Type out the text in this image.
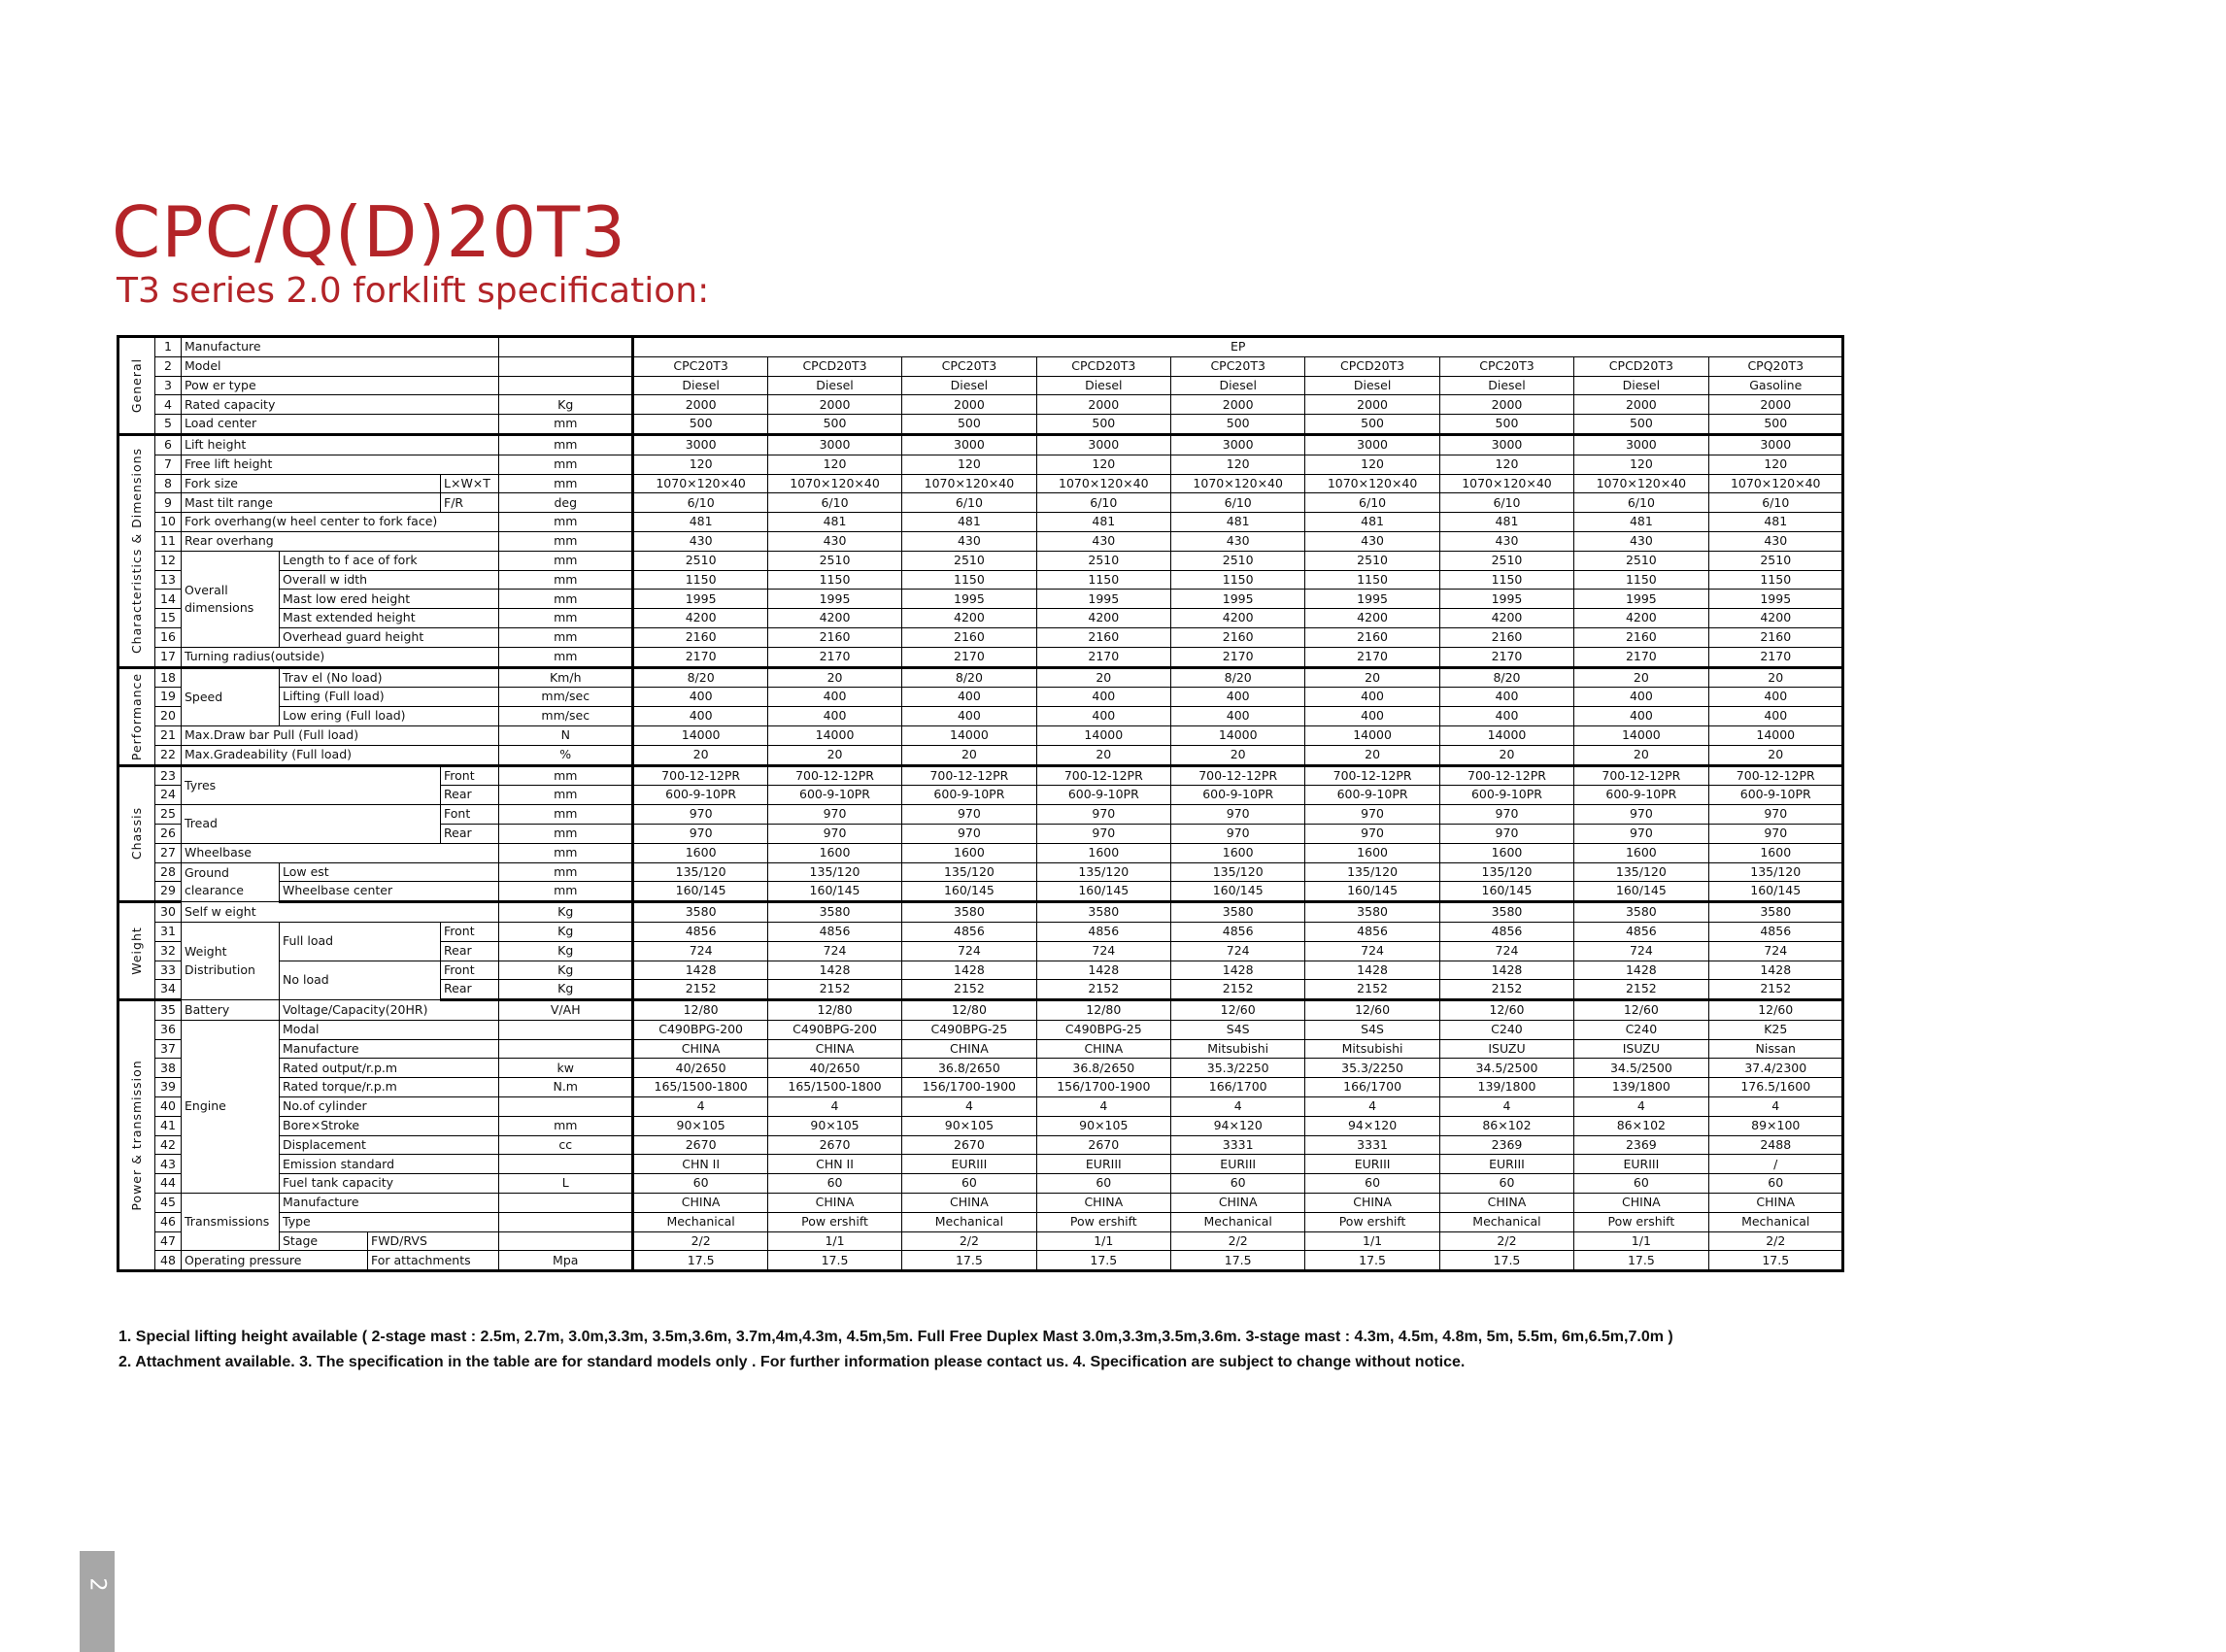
CPC/Q(D)20T3
T3 series 2.0 forklift specification:
General	1	Manufacture					EP									
	2	Model					CPC20T3	CPCD20T3	CPC20T3	CPCD20T3	CPC20T3	CPCD20T3	CPC20T3	CPCD20T3	CPQ20T3	
	3	Pow er type					Diesel	Diesel	Diesel	Diesel	Diesel	Diesel	Diesel	Diesel	Gasoline	
	4	Rated capacity				Kg	2000	2000	2000	2000	2000	2000	2000	2000	2000	
	5	Load center				mm	500	500	500	500	500	500	500	500	500	

Characteristics & Dimensions	6	Lift height				mm	3000	3000	3000	3000	3000	3000	3000	3000	3000	
	7	Free lift height				mm	120	120	120	120	120	120	120	120	120	
	8	Fork size			L×W×T	mm	1070×120×40	1070×120×40	1070×120×40	1070×120×40	1070×120×40	1070×120×40	1070×120×40	1070×120×40	1070×120×40	
	9	Mast tilt range			F/R	deg	6/10	6/10	6/10	6/10	6/10	6/10	6/10	6/10	6/10	
	10	Fork overhang(w heel center to fork face)				mm	481	481	481	481	481	481	481	481	481	
	11	Rear overhang				mm	430	430	430	430	430	430	430	430	430	
	12	Overall dimensions	Length to f ace of fork			mm	2510	2510	2510	2510	2510	2510	2510	2510	2510	
	13		Overall w idth			mm	1150	1150	1150	1150	1150	1150	1150	1150	1150	
	14		Mast low ered height			mm	1995	1995	1995	1995	1995	1995	1995	1995	1995	
	15		Mast extended height			mm	4200	4200	4200	4200	4200	4200	4200	4200	4200	
	16		Overhead guard height			mm	2160	2160	2160	2160	2160	2160	2160	2160	2160	
	17	Turning radius(outside)				mm	2170	2170	2170	2170	2170	2170	2170	2170	2170	

Performance	18	Speed	Trav el (No load)			Km/h	8/20	20	8/20	20	8/20	20	8/20	20	20	
	19		Lifting (Full load)			mm/sec	400	400	400	400	400	400	400	400	400	
	20		Low ering (Full load)			mm/sec	400	400	400	400	400	400	400	400	400	
	21	Max.Draw bar Pull (Full load)				N	14000	14000	14000	14000	14000	14000	14000	14000	14000	
	22	Max.Gradeability (Full load)				%	20	20	20	20	20	20	20	20	20	

Chassis	23	Tyres			Front	mm	700-12-12PR	700-12-12PR	700-12-12PR	700-12-12PR	700-12-12PR	700-12-12PR	700-12-12PR	700-12-12PR	700-12-12PR	
	24				Rear	mm	600-9-10PR	600-9-10PR	600-9-10PR	600-9-10PR	600-9-10PR	600-9-10PR	600-9-10PR	600-9-10PR	600-9-10PR	
	25	Tread			Font	mm	970	970	970	970	970	970	970	970	970	
	26				Rear	mm	970	970	970	970	970	970	970	970	970	
	27	Wheelbase				mm	1600	1600	1600	1600	1600	1600	1600	1600	1600	
	28	Ground clearance	Low est			mm	135/120	135/120	135/120	135/120	135/120	135/120	135/120	135/120	135/120	
	29		Wheelbase center			mm	160/145	160/145	160/145	160/145	160/145	160/145	160/145	160/145	160/145	

Weight	30	Self w eight				Kg	3580	3580	3580	3580	3580	3580	3580	3580	3580	
	31	Weight Distribution	Full load		Front	Kg	4856	4856	4856	4856	4856	4856	4856	4856	4856	
	32				Rear	Kg	724	724	724	724	724	724	724	724	724	
	33		No load		Front	Kg	1428	1428	1428	1428	1428	1428	1428	1428	1428	
	34				Rear	Kg	2152	2152	2152	2152	2152	2152	2152	2152	2152	

Power & transmission	35	Battery	Voltage/Capacity(20HR)			V/AH	12/80	12/80	12/80	12/80	12/60	12/60	12/60	12/60	12/60	
	36	Engine	Modal				C490BPG-200	C490BPG-200	C490BPG-25	C490BPG-25	S4S	S4S	C240	C240	K25	
	37		Manufacture				CHINA	CHINA	CHINA	CHINA	Mitsubishi	Mitsubishi	ISUZU	ISUZU	Nissan	
	38		Rated output/r.p.m			kw	40/2650	40/2650	36.8/2650	36.8/2650	35.3/2250	35.3/2250	34.5/2500	34.5/2500	37.4/2300	
	39		Rated torque/r.p.m			N.m	165/1500-1800	165/1500-1800	156/1700-1900	156/1700-1900	166/1700	166/1700	139/1800	139/1800	176.5/1600	
	40		No.of cylinder				4	4	4	4	4	4	4	4	4	
	41		Bore×Stroke			mm	90×105	90×105	90×105	90×105	94×120	94×120	86×102	86×102	89×100	
	42		Displacement			cc	2670	2670	2670	2670	3331	3331	2369	2369	2488	
	43		Emission standard				CHN II	CHN II	EURIII	EURIII	EURIII	EURIII	EURIII	EURIII	/	
	44		Fuel tank capacity			L	60	60	60	60	60	60	60	60	60	
	45	Transmissions	Manufacture				CHINA	CHINA	CHINA	CHINA	CHINA	CHINA	CHINA	CHINA	CHINA	
	46		Type				Mechanical	Pow ershift	Mechanical	Pow ershift	Mechanical	Pow ershift	Mechanical	Pow ershift	Mechanical	
	47		Stage	FWD/RVS			2/2	1/1	2/2	1/1	2/2	1/1	2/2	1/1	2/2	
	48	Operating pressure		For attachments		Mpa	17.5	17.5	17.5	17.5	17.5	17.5	17.5	17.5	17.5	
1. Special lifting height available ( 2-stage mast : 2.5m, 2.7m, 3.0m,3.3m, 3.5m,3.6m, 3.7m,4m,4.3m, 4.5m,5m. Full Free Duplex Mast 3.0m,3.3m,3.5m,3.6m. 3-stage mast : 4.3m, 4.5m, 4.8m, 5m, 5.5m, 6m,6.5m,7.0m )
2. Attachment available. 3. The specification in the table are for standard models only . For further information please contact us. 4. Specification are subject to change without notice.
2
